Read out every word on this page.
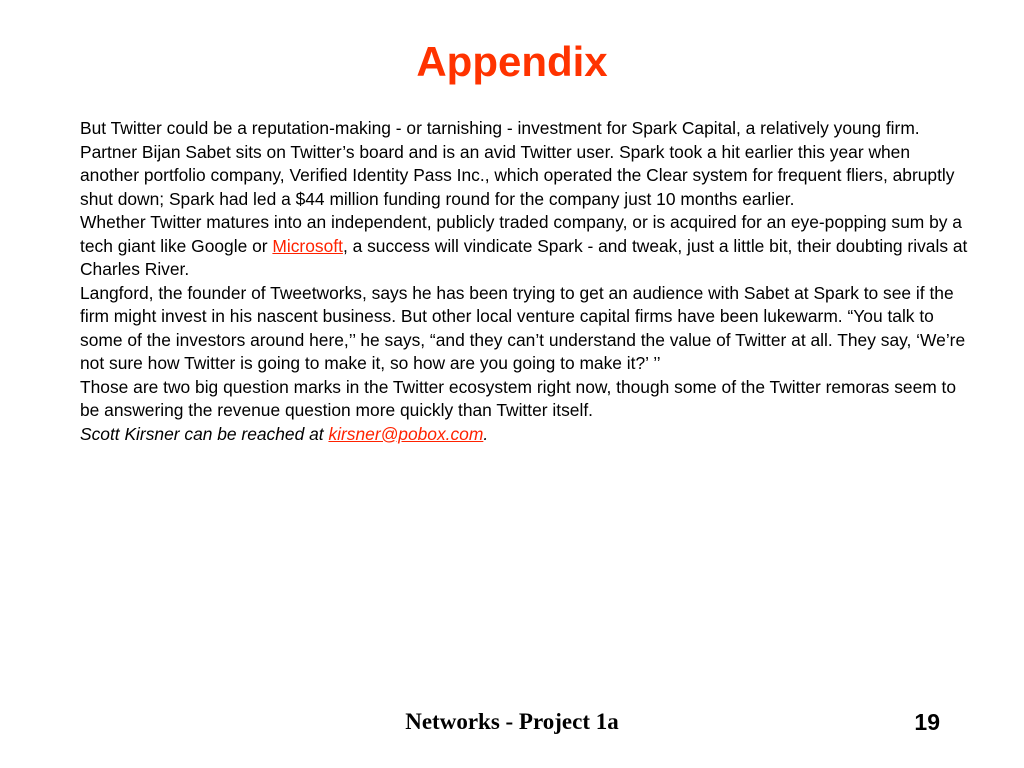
Appendix

But Twitter could be a reputation-making - or tarnishing - investment for Spark Capital, a relatively young firm. Partner Bijan Sabet sits on Twitter’s board and is an avid Twitter user. Spark took a hit earlier this year when another portfolio company, Verified Identity Pass Inc., which operated the Clear system for frequent fliers, abruptly shut down; Spark had led a $44 million funding round for the company just 10 months earlier.

Whether Twitter matures into an independent, publicly traded company, or is acquired for an eye-popping sum by a tech giant like Google or Microsoft, a success will vindicate Spark - and tweak, just a little bit, their doubting rivals at Charles River.

Langford, the founder of Tweetworks, says he has been trying to get an audience with Sabet at Spark to see if the firm might invest in his nascent business. But other local venture capital firms have been lukewarm. “You talk to some of the investors around here,’’ he says, “and they can’t understand the value of Twitter at all. They say, ‘We’re not sure how Twitter is going to make it, so how are you going to make it?’ ’’

Those are two big question marks in the Twitter ecosystem right now, though some of the Twitter remoras seem to be answering the revenue question more quickly than Twitter itself.

Scott Kirsner can be reached at kirsner@pobox.com.

Networks - Project 1a	19
